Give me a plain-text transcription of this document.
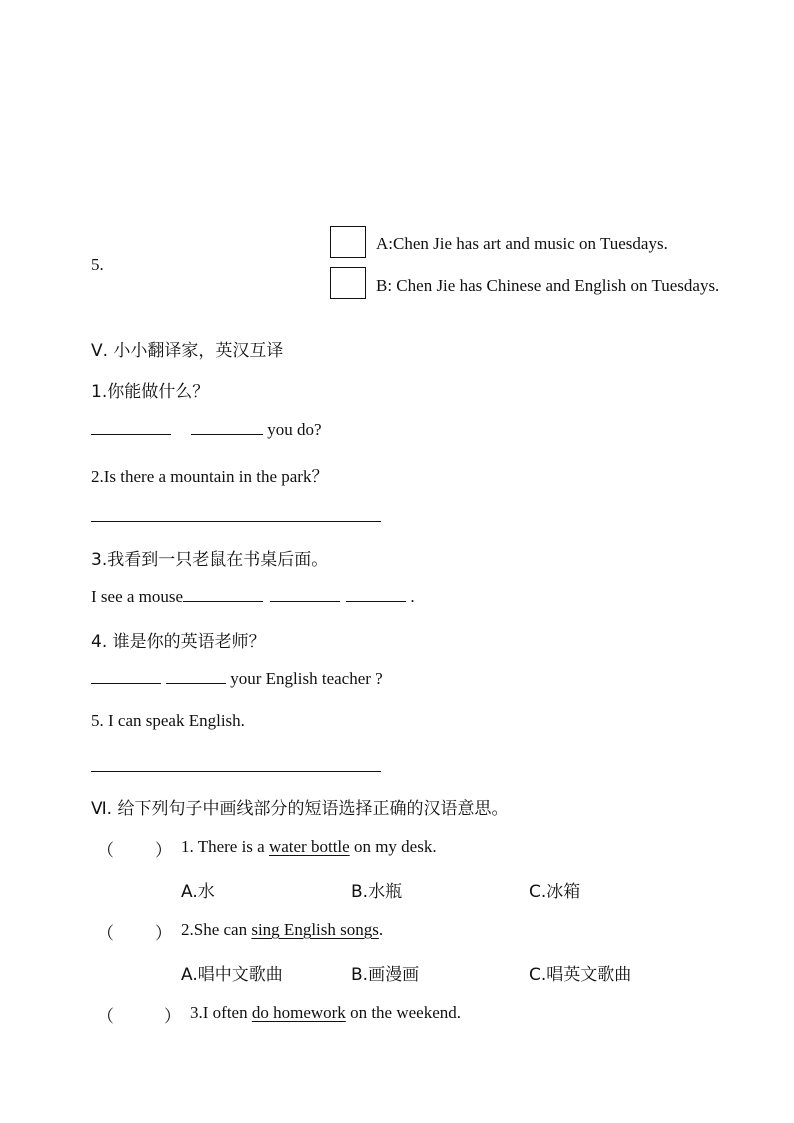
5.
A:Chen Jie has art and music on Tuesdays.
B: Chen Jie has Chinese and English on Tuesdays.
Ⅴ. 小小翻译家，英汉互译
1.你能做什么？
you do?
2.Is there a mountain in the park？
3.我看到一只老鼠在书桌后面。
I see a mouse	.
4. 谁是你的英语老师？
your English teacher ?
5. I can speak English.
Ⅵ. 给下列句子中画线部分的短语选择正确的汉语意思。
（ ） 1. There is a water bottle on my desk.
A.水	B.水瓶	C.冰箱
（ ） 2.She can sing English songs.
A.唱中文歌曲	B.画漫画	C.唱英文歌曲
（	） 3.I often do homework on the weekend.
